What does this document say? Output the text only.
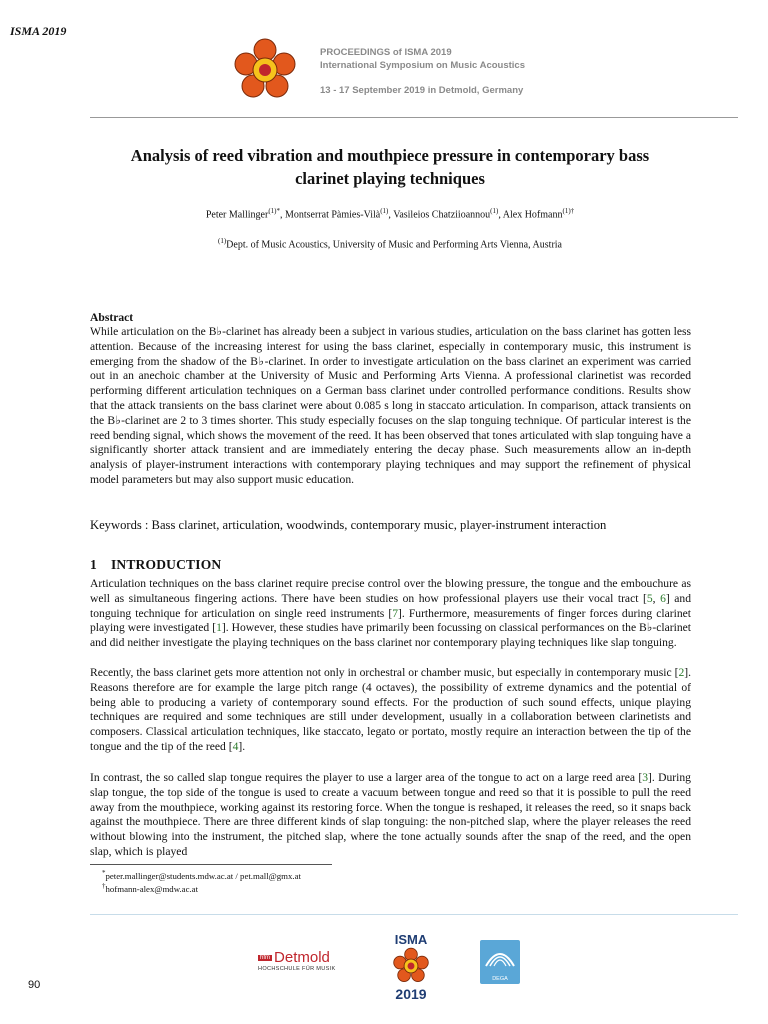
ISMA 2019
PROCEEDINGS of ISMA 2019
International Symposium on Music Acoustics
13 - 17 September 2019 in Detmold, Germany
Analysis of reed vibration and mouthpiece pressure in contemporary bass
clarinet playing techniques
Peter Mallinger$^{(1)*}$, Montserrat Pàmies-Vilà$^{(1)}$, Vasileios Chatziioannou$^{(1)}$, Alex Hofmann$^{(1)\dagger}$
$^{(1)}$Dept. of Music Acoustics, University of Music and Performing Arts Vienna, Austria
Abstract
While articulation on the B♭-clarinet has already been a subject in various studies, articulation on the bass clarinet has gotten less attention. Because of the increasing interest for using the bass clarinet, especially in contemporary music, this instrument is emerging from the shadow of the B♭-clarinet. In order to investigate articulation on the bass clarinet an experiment was carried out in an anechoic chamber at the University of Music and Performing Arts Vienna. A professional clarinetist was recorded performing different articulation techniques on a German bass clarinet under controlled performance conditions. Results show that the attack transients on the bass clarinet were about 0.085 s long in staccato articulation. In comparison, attack transients on the B♭-clarinet are 2 to 3 times shorter. This study especially focuses on the slap tonguing technique. Of particular interest is the reed bending signal, which shows the movement of the reed. It has been observed that tones articulated with slap tonguing have a significantly shorter attack transient and are immediately entering the decay phase. Such measurements allow an in-depth analysis of player-instrument interactions with contemporary playing techniques and may support the refinement of physical model parameters but may also support music education.
Keywords : Bass clarinet, articulation, woodwinds, contemporary music, player-instrument interaction
1 INTRODUCTION
Articulation techniques on the bass clarinet require precise control over the blowing pressure, the tongue and the embouchure as well as simultaneous fingering actions. There have been studies on how professional players use their vocal tract [5, 6] and tonguing technique for articulation on single reed instruments [7]. Furthermore, measurements of finger forces during clarinet playing were investigated [1]. However, these studies have primarily been focussing on classical performances on the B♭-clarinet and did neither investigate the playing techniques on the bass clarinet nor contemporary playing techniques like slap tonguing.
Recently, the bass clarinet gets more attention not only in orchestral or chamber music, but especially in contemporary music [2]. Reasons therefore are for example the large pitch range (4 octaves), the possibility of extreme dynamics and the potential of being able to producing a variety of contemporary sound effects. For the production of such sound effects, unique playing techniques are required and some techniques are still under development, usually in a collaboration between clarinetists and composers. Classical articulation techniques, like staccato, legato or portato, mostly require an interaction between the tip of the tongue and the tip of the reed [4].
In contrast, the so called slap tongue requires the player to use a larger area of the tongue to act on a large reed area [3]. During slap tongue, the top side of the tongue is used to create a vacuum between tongue and reed so that it is possible to pull the reed away from the mouthpiece, working against its restoring force. When the tongue is reshaped, it releases the reed, so it snaps back against the mouthpiece. There are three different kinds of slap tonguing: the non-pitched slap, where the player releases the reed without blowing into the instrument, the pitched slap, where the tone actually sounds after the snap of the reed, and the open slap, which is played
*peter.mallinger@students.mdw.ac.at / pet.mall@gmx.at
†hofmann-alex@mdw.ac.at
90
hfm Detmold
HOCHSCHULE FÜR MUSIK
ISMA
2019
DEGA
